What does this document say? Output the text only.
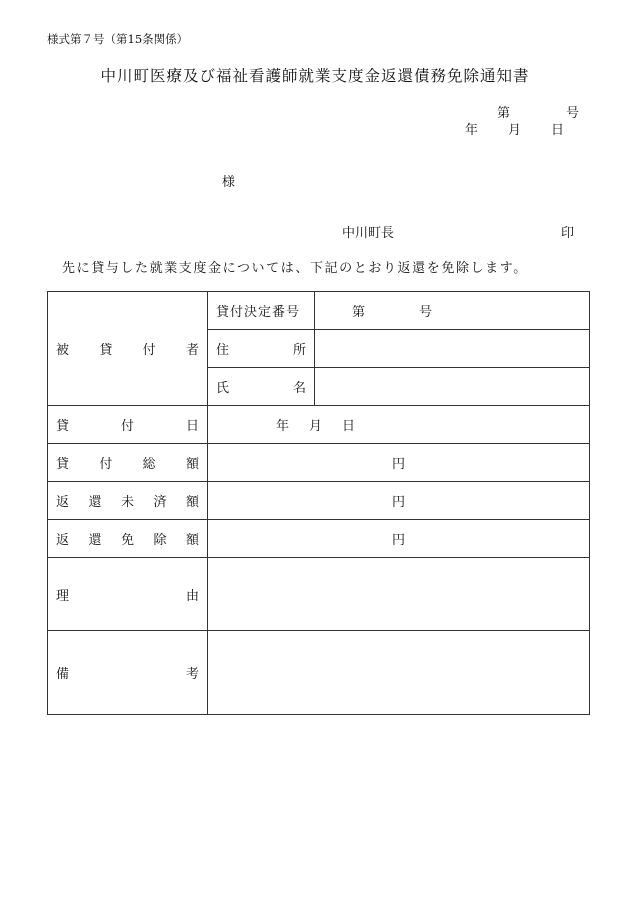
様式第７号（第15条関係）
中川町医療及び福祉看護師就業支度金返還債務免除通知書
第	号
年 月 日
様
中川町長	印
先に貸与した就業支度金については、下記のとおり返還を免除します。
被 貸 付 者	貸付決定番号	第 号

	住 所	

	氏 名	

貸 付 日	年 月 日	

貸 付 総 額	円	

返 還 未 済 額	円	

返 還 免 除 額	円	

理 由		

備 考		
